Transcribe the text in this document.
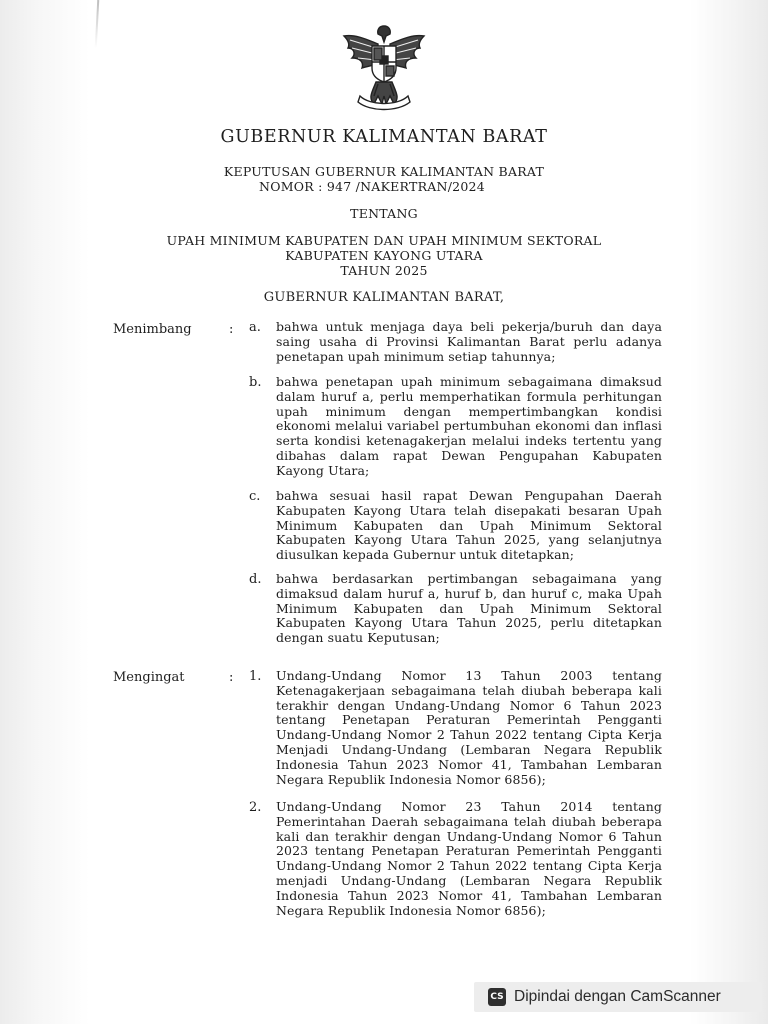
GUBERNUR KALIMANTAN BARAT
KEPUTUSAN GUBERNUR KALIMANTAN BARAT
NOMOR : 947 /NAKERTRAN/2024
TENTANG
UPAH MINIMUM KABUPATEN DAN UPAH MINIMUM SEKTORAL
KABUPATEN KAYONG UTARA
TAHUN 2025
GUBERNUR KALIMANTAN BARAT,
Menimbang	: a. bahwa untuk menjaga daya beli pekerja/buruh dan daya saing usaha di Provinsi Kalimantan Barat perlu adanya penetapan upah minimum setiap tahunnya;
b. bahwa penetapan upah minimum sebagaimana dimaksud dalam huruf a, perlu memperhatikan formula perhitungan upah minimum dengan mempertimbangkan kondisi ekonomi melalui variabel pertumbuhan ekonomi dan inflasi serta kondisi ketenagakerjan melalui indeks tertentu yang dibahas dalam rapat Dewan Pengupahan Kabupaten Kayong Utara;
c. bahwa sesuai hasil rapat Dewan Pengupahan Daerah Kabupaten Kayong Utara telah disepakati besaran Upah Minimum Kabupaten dan Upah Minimum Sektoral Kabupaten Kayong Utara Tahun 2025, yang selanjutnya diusulkan kepada Gubernur untuk ditetapkan;
d. bahwa berdasarkan pertimbangan sebagaimana yang dimaksud dalam huruf a, huruf b, dan huruf c, maka Upah Minimum Kabupaten dan Upah Minimum Sektoral Kabupaten Kayong Utara Tahun 2025, perlu ditetapkan dengan suatu Keputusan;
Mengingat	: 1. Undang-Undang Nomor 13 Tahun 2003 tentang Ketenagakerjaan sebagaimana telah diubah beberapa kali terakhir dengan Undang-Undang Nomor 6 Tahun 2023 tentang Penetapan Peraturan Pemerintah Pengganti Undang-Undang Nomor 2 Tahun 2022 tentang Cipta Kerja Menjadi Undang-Undang (Lembaran Negara Republik Indonesia Tahun 2023 Nomor 41, Tambahan Lembaran Negara Republik Indonesia Nomor 6856);
2. Undang-Undang Nomor 23 Tahun 2014 tentang Pemerintahan Daerah sebagaimana telah diubah beberapa kali dan terakhir dengan Undang-Undang Nomor 6 Tahun 2023 tentang Penetapan Peraturan Pemerintah Pengganti Undang-Undang Nomor 2 Tahun 2022 tentang Cipta Kerja menjadi Undang-Undang (Lembaran Negara Republik Indonesia Tahun 2023 Nomor 41, Tambahan Lembaran Negara Republik Indonesia Nomor 6856);
CS Dipindai dengan CamScanner
